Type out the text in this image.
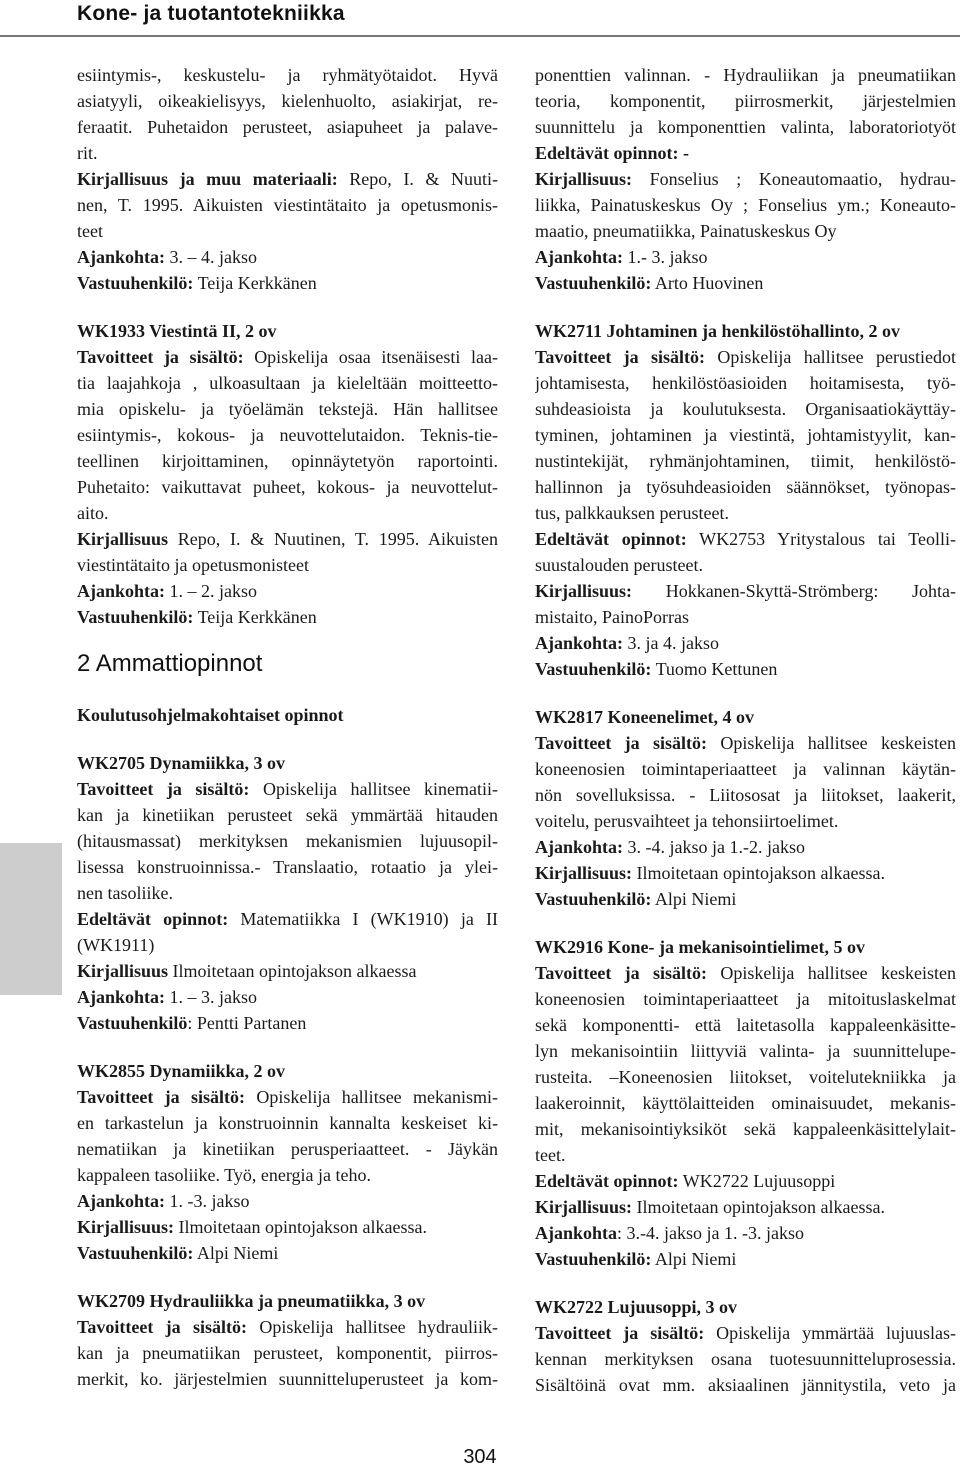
Kone- ja tuotantotekniikka
esiintymis-, keskustelu- ja ryhmätyötaidot. Hyvä
asiatyyli, oikeakielisyys, kielenhuolto, asiakirjat, re-
feraatit. Puhetaidon perusteet, asiapuheet ja palave-
rit.
Kirjallisuus ja muu materiaali: Repo, I. & Nuuti-
nen, T. 1995. Aikuisten viestintätaito ja opetusmonis-
teet
Ajankohta: 3. – 4. jakso
Vastuuhenkilö: Teija Kerkkänen
WK1933 Viestintä II, 2 ov
Tavoitteet ja sisältö: Opiskelija osaa itsenäisesti laa-
tia laajahkoja , ulkoasultaan ja kieleltään moitteetto-
mia opiskelu- ja työelämän tekstejä. Hän hallitsee
esiintymis-, kokous- ja neuvottelutaidon. Teknis-tie-
teellinen kirjoittaminen, opinnäytetyön raportointi.
Puhetaito: vaikuttavat puheet, kokous- ja neuvottelut-
aito.
Kirjallisuus Repo, I. & Nuutinen, T. 1995. Aikuisten
viestintätaito ja opetusmonisteet
Ajankohta: 1. – 2. jakso
Vastuuhenkilö: Teija Kerkkänen
2 Ammattiopinnot
Koulutusohjelmakohtaiset opinnot
WK2705 Dynamiikka, 3 ov
Tavoitteet ja sisältö: Opiskelija hallitsee kinematii-
kan ja kinetiikan perusteet sekä ymmärtää hitauden
(hitausmassat) merkityksen mekanismien lujuusopil-
lisessa konstruoinnissa.- Translaatio, rotaatio ja ylei-
nen tasoliike.
Edeltävät opinnot: Matematiikka I (WK1910) ja II
(WK1911)
Kirjallisuus Ilmoitetaan opintojakson alkaessa
Ajankohta: 1. – 3. jakso
Vastuuhenkilö: Pentti Partanen
WK2855 Dynamiikka, 2 ov
Tavoitteet ja sisältö: Opiskelija hallitsee mekanismi-
en tarkastelun ja konstruoinnin kannalta keskeiset ki-
nematiikan ja kinetiikan perusperiaatteet. - Jäykän
kappaleen tasoliike. Työ, energia ja teho.
Ajankohta: 1. -3. jakso
Kirjallisuus: Ilmoitetaan opintojakson alkaessa.
Vastuuhenkilö: Alpi Niemi
WK2709 Hydrauliikka ja pneumatiikka, 3 ov
Tavoitteet ja sisältö: Opiskelija hallitsee hydrauliik-
kan ja pneumatiikan perusteet, komponentit, piirros-
merkit, ko. järjestelmien suunnitteluperusteet ja kom-
ponenttien valinnan. - Hydrauliikan ja pneumatiikan
teoria, komponentit, piirrosmerkit, järjestelmien
suunnittelu ja komponenttien valinta, laboratoriotyöt
Edeltävät opinnot: -
Kirjallisuus: Fonselius ; Koneautomaatio, hydrau-
liikka, Painatuskeskus Oy ; Fonselius ym.; Koneauto-
maatio, pneumatiikka, Painatuskeskus Oy
Ajankohta: 1.- 3. jakso
Vastuuhenkilö: Arto Huovinen
WK2711 Johtaminen ja henkilöstöhallinto, 2 ov
Tavoitteet ja sisältö: Opiskelija hallitsee perustiedot
johtamisesta, henkilöstöasioiden hoitamisesta, työ-
suhdeasioista ja koulutuksesta. Organisaatiokäyttäy-
tyminen, johtaminen ja viestintä, johtamistyylit, kan-
nustintekijät, ryhmänjohtaminen, tiimit, henkilöstö-
hallinnon ja työsuhdeasioiden säännökset, työnopas-
tus, palkkauksen perusteet.
Edeltävät opinnot: WK2753 Yritystalous tai Teolli-
suustalouden perusteet.
Kirjallisuus: Hokkanen-Skyttä-Strömberg: Johta-
mistaito, PainoPorras
Ajankohta: 3. ja 4. jakso
Vastuuhenkilö: Tuomo Kettunen
WK2817 Koneenelimet, 4 ov
Tavoitteet ja sisältö: Opiskelija hallitsee keskeisten
koneenosien toimintaperiaatteet ja valinnan käytän-
nön sovelluksissa. - Liitososat ja liitokset, laakerit,
voitelu, perusvaihteet ja tehonsiirtoelimet.
Ajankohta: 3. -4. jakso ja 1.-2. jakso
Kirjallisuus: Ilmoitetaan opintojakson alkaessa.
Vastuuhenkilö: Alpi Niemi
WK2916 Kone- ja mekanisointielimet, 5 ov
Tavoitteet ja sisältö: Opiskelija hallitsee keskeisten
koneenosien toimintaperiaatteet ja mitoituslaskelmat
sekä komponentti- että laitetasolla kappaleenkäsitte-
lyn mekanisointiin liittyviä valinta- ja suunnittelupe-
rusteita. –Koneenosien liitokset, voitelutekniikka ja
laakeroinnit, käyttölaitteiden ominaisuudet, mekanis-
mit, mekanisointiyksiköt sekä kappaleenkäsittelylait-
teet.
Edeltävät opinnot: WK2722 Lujuusoppi
Kirjallisuus: Ilmoitetaan opintojakson alkaessa.
Ajankohta: 3.-4. jakso ja 1. -3. jakso
Vastuuhenkilö: Alpi Niemi
WK2722 Lujuusoppi, 3 ov
Tavoitteet ja sisältö: Opiskelija ymmärtää lujuuslas-
kennan merkityksen osana tuotesuunnitteluprosessia.
Sisältöinä ovat mm. aksiaalinen jännitystila, veto ja
304
